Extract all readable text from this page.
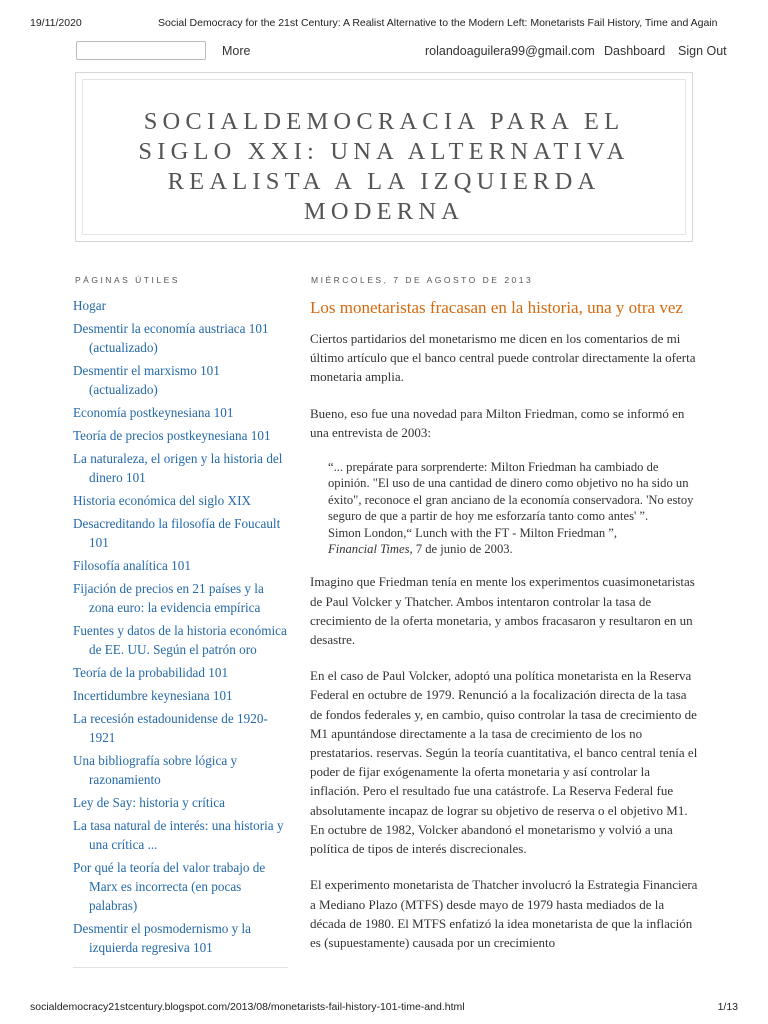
19/11/2020	Social Democracy for the 21st Century: A Realist Alternative to the Modern Left: Monetarists Fail History, Time and Again
More	rolandoaguilera99@gmail.com Dashboard Sign Out
SOCIALDEMOCRACIA PARA EL
SIGLO XXI: UNA ALTERNATIVA
REALISTA A LA IZQUIERDA
MODERNA
PÁGINAS ÚTILES
Hogar
Desmentir la economía austriaca 101 (actualizado)
Desmentir el marxismo 101 (actualizado)
Economía postkeynesiana 101
Teoría de precios postkeynesiana 101
La naturaleza, el origen y la historia del dinero 101
Historia económica del siglo XIX
Desacreditando la filosofía de Foucault 101
Filosofía analítica 101
Fijación de precios en 21 países y la zona euro: la evidencia empírica
Fuentes y datos de la historia económica de EE. UU. Según el patrón oro
Teoría de la probabilidad 101
Incertidumbre keynesiana 101
La recesión estadounidense de 1920-1921
Una bibliografía sobre lógica y razonamiento
Ley de Say: historia y crítica
La tasa natural de interés: una historia y una crítica ...
Por qué la teoría del valor trabajo de Marx es incorrecta (en pocas palabras)
Desmentir el posmodernismo y la izquierda regresiva 101
MIÉRCOLES, 7 DE AGOSTO DE 2013
Los monetaristas fracasan en la historia, una y otra vez

Ciertos partidarios del monetarismo me dicen en los comentarios de mi último artículo que el banco central puede controlar directamente la oferta monetaria amplia.

Bueno, eso fue una novedad para Milton Friedman, como se informó en una entrevista de 2003:

“... prepárate para sorprenderte: Milton Friedman ha cambiado de opinión. "El uso de una cantidad de dinero como objetivo no ha sido un éxito", reconoce el gran anciano de la economía conservadora. 'No estoy seguro de que a partir de hoy me esforzaría tanto como antes' ”.
Simon London,“ Lunch with the FT - Milton Friedman ”,
Financial Times, 7 de junio de 2003.

Imagino que Friedman tenía en mente los experimentos cuasimonetaristas de Paul Volcker y Thatcher. Ambos intentaron controlar la tasa de crecimiento de la oferta monetaria, y ambos fracasaron y resultaron en un desastre.

En el caso de Paul Volcker, adoptó una política monetarista en la Reserva Federal en octubre de 1979. Renunció a la focalización directa de la tasa de fondos federales y, en cambio, quiso controlar la tasa de crecimiento de M1 apuntándose directamente a la tasa de crecimiento de los no prestatarios. reservas. Según la teoría cuantitativa, el banco central tenía el poder de fijar exógenamente la oferta monetaria y así controlar la inflación. Pero el resultado fue una catástrofe. La Reserva Federal fue absolutamente incapaz de lograr su objetivo de reserva o el objetivo M1. En octubre de 1982, Volcker abandonó el monetarismo y volvió a una política de tipos de interés discrecionales.

El experimento monetarista de Thatcher involucró la Estrategia Financiera a Mediano Plazo (MTFS) desde mayo de 1979 hasta mediados de la década de 1980. El MTFS enfatizó la idea monetarista de que la inflación es (supuestamente) causada por un crecimiento

socialdemocracy21stcentury.blogspot.com/2013/08/monetarists-fail-history-101-time-and.html	1/13
